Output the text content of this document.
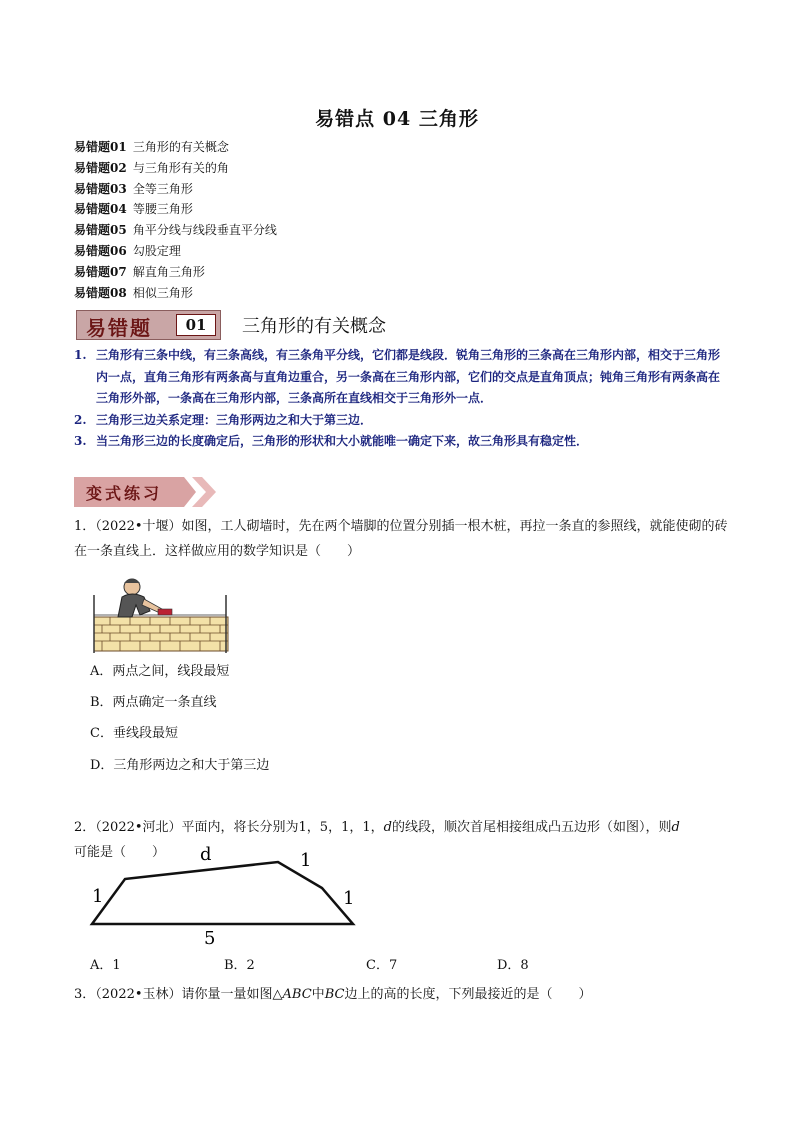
易错点 04 三角形
易错题01 三角形的有关概念
易错题02 与三角形有关的角
易错题03 全等三角形
易错题04 等腰三角形
易错题05 角平分线与线段垂直平分线
易错题06 勾股定理
易错题07 解直角三角形
易错题08 相似三角形
易错题	01	三角形的有关概念
1. 三角形有三条中线，有三条高线，有三条角平分线，它们都是线段．锐角三角形的三条高在三角形内部，相交于三角形内一点，直角三角形有两条高与直角边重合，另一条高在三角形内部，它们的交点是直角顶点；钝角三角形有两条高在三角形外部，一条高在三角形内部，三条高所在直线相交于三角形外一点．
2. 三角形三边关系定理：三角形两边之和大于第三边．
3. 当三角形三边的长度确定后，三角形的形状和大小就能唯一确定下来，故三角形具有稳定性．
变式练习
1．（2022•十堰）如图，工人砌墙时，先在两个墙脚的位置分别插一根木桩，再拉一条直的参照线，就能使砌的砖在一条直线上．这样做应用的数学知识是（　　）
A．两点之间，线段最短
B．两点确定一条直线
C．垂线段最短
D．三角形两边之和大于第三边
2．（2022•河北）平面内，将长分别为1，5，1，1，d的线段，顺次首尾相接组成凸五边形（如图），则d
可能是（　　）	d	1
1	1
5
A．1	B．2	C．7	D．8
3．（2022•玉林）请你量一量如图△ABC中BC边上的高的长度，下列最接近的是（　　）
